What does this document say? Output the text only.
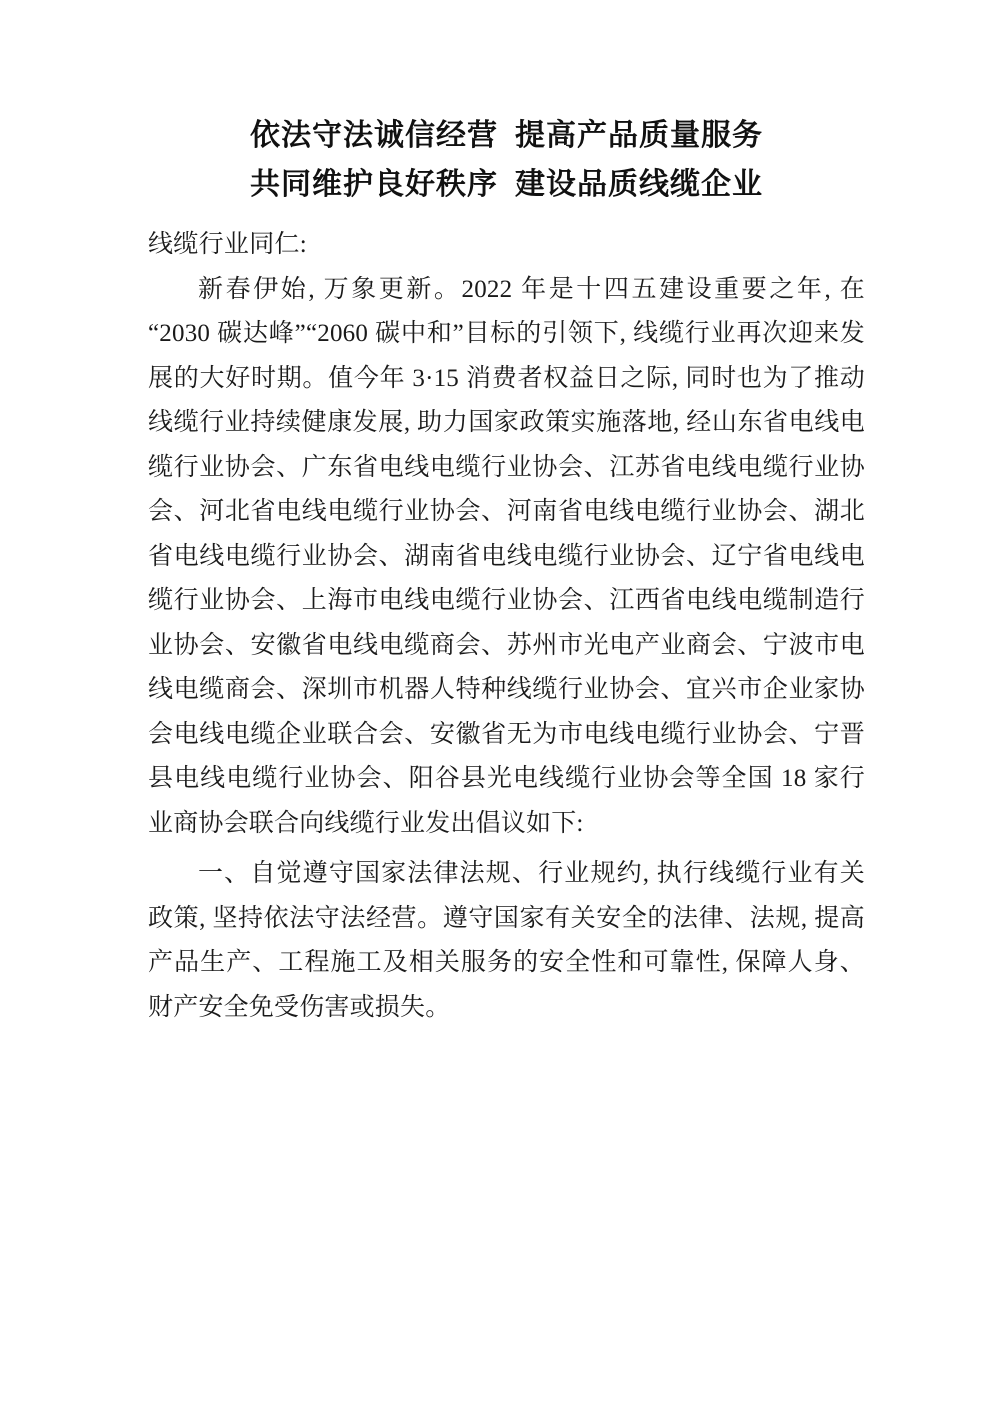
依法守法诚信经营  提高产品质量服务
共同维护良好秩序  建设品质线缆企业
线缆行业同仁:

新春伊始, 万象更新。2022 年是十四五建设重要之年, 在“2030 碳达峰”“2060 碳中和”目标的引领下, 线缆行业再次迎来发展的大好时期。值今年 3·15 消费者权益日之际, 同时也为了推动线缆行业持续健康发展, 助力国家政策实施落地, 经山东省电线电缆行业协会、广东省电线电缆行业协会、江苏省电线电缆行业协会、河北省电线电缆行业协会、河南省电线电缆行业协会、湖北省电线电缆行业协会、湖南省电线电缆行业协会、辽宁省电线电缆行业协会、上海市电线电缆行业协会、江西省电线电缆制造行业协会、安徽省电线电缆商会、苏州市光电产业商会、宁波市电线电缆商会、深圳市机器人特种线缆行业协会、宜兴市企业家协会电线电缆企业联合会、安徽省无为市电线电缆行业协会、宁晋县电线电缆行业协会、阳谷县光电线缆行业协会等全国 18 家行业商协会联合向线缆行业发出倡议如下:

一、自觉遵守国家法律法规、行业规约, 执行线缆行业有关政策, 坚持依法守法经营。遵守国家有关安全的法律、法规, 提高产品生产、工程施工及相关服务的安全性和可靠性, 保障人身、财产安全免受伤害或损失。
